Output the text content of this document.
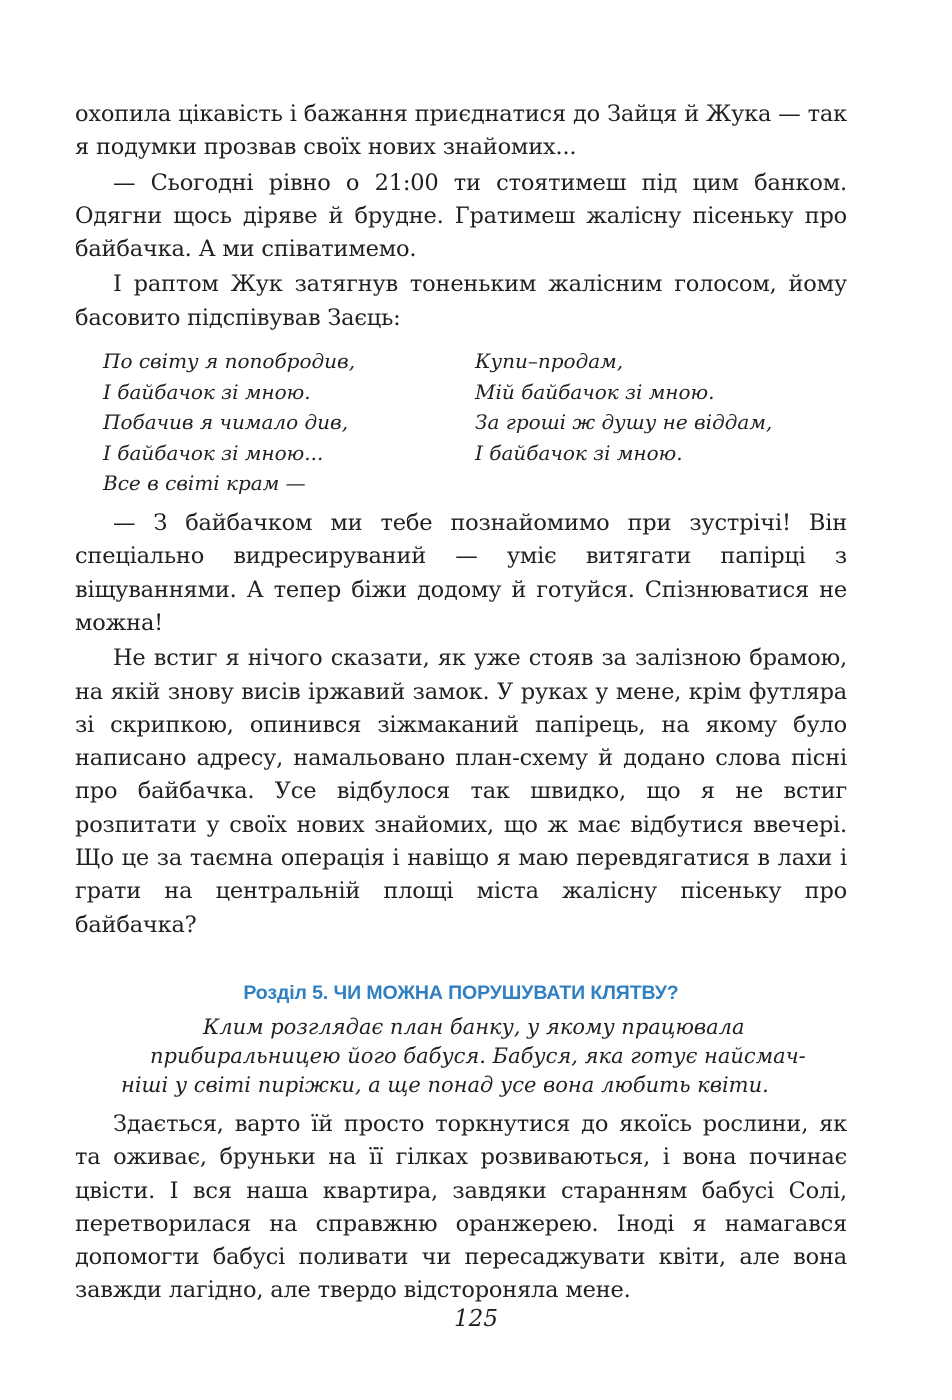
охопила цікавість і бажання приєднатися до Зайця й Жука — так я подумки прозвав своїх нових знайомих...

— Сьогодні рівно о 21:00 ти стоятимеш під цим банком. Одягни щось діряве й брудне. Гратимеш жалісну пісеньку про байбачка. А ми співатимемо.

І раптом Жук затягнув тоненьким жалісним голосом, йому басовито підспівував Заєць:

По світу я попобродив,
І байбачок зі мною.
Побачив я чимало див,
І байбачок зі мною...
Все в світі крам —
Купи–продам,
Мій байбачок зі мною.
За гроші ж душу не віддам,
І байбачок зі мною.

— З байбачком ми тебе познайомимо при зустрічі! Він спеціально видресируваний — уміє витягати папірці з віщуваннями. А тепер біжи додому й готуйся. Спізнюватися не можна!

Не встиг я нічого сказати, як уже стояв за залізною брамою, на якій знову висів іржавий замок. У руках у мене, крім футляра зі скрипкою, опинився зіжмаканий папірець, на якому було написано адресу, намальовано план-схему й додано слова пісні про байбачка. Усе відбулося так швидко, що я не встиг розпитати у своїх нових знайомих, що ж має відбутися ввечері. Що це за таємна операція і навіщо я маю перевдягатися в лахи і грати на центральній площі міста жалісну пісеньку про байбачка?

Розділ 5. ЧИ МОЖНА ПОРУШУВАТИ КЛЯТВУ?
Клим розглядає план банку, у якому працювала
прибиральницею його бабуся. Бабуся, яка готує найсмач-
ніші у світі пиріжки, а ще понад усе вона любить квіти.

Здається, варто їй просто торкнутися до якоїсь рослини, як та оживає, бруньки на її гілках розвиваються, і вона починає цвісти. І вся наша квартира, завдяки старанням бабусі Солі, перетворилася на справжню оранжерею. Іноді я намагався допомогти бабусі поливати чи пересаджувати квіти, але вона завжди лагідно, але твердо відстороняла мене.

125
